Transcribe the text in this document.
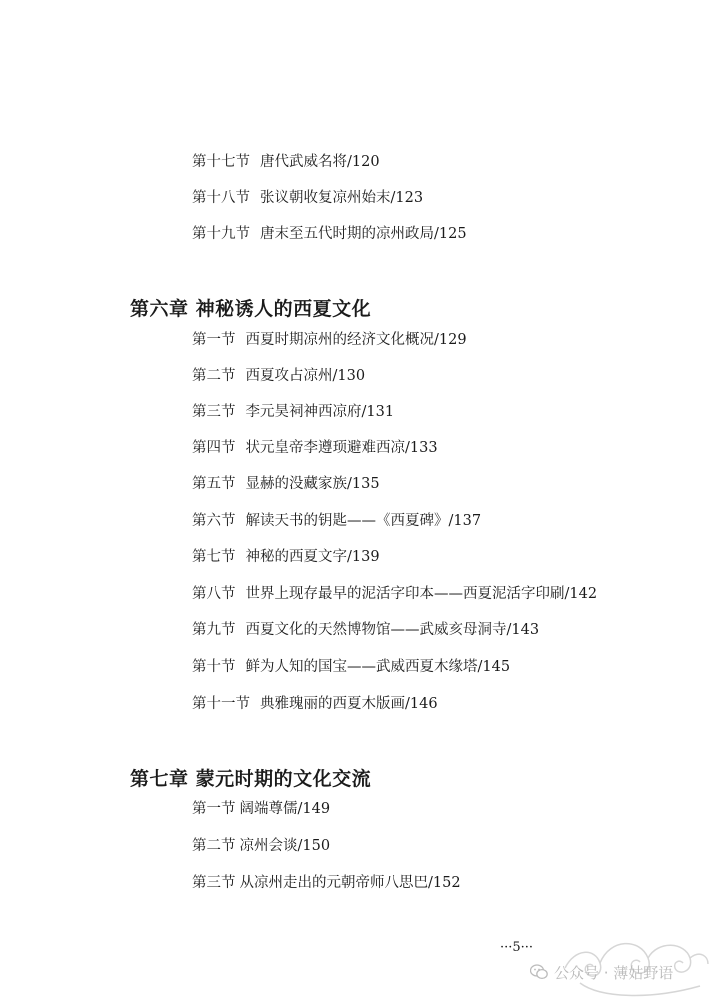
第十七节 唐代武威名将/120
第十八节 张议朝收复凉州始末/123
第十九节 唐末至五代时期的凉州政局/125
第六章 神秘诱人的西夏文化
第一节 西夏时期凉州的经济文化概况/129
第二节 西夏攻占凉州/130
第三节 李元昊祠神西凉府/131
第四节 状元皇帝李遵顼避难西凉/133
第五节 显赫的没藏家族/135
第六节 解读天书的钥匙——《西夏碑》/137
第七节 神秘的西夏文字/139
第八节 世界上现存最早的泥活字印本——西夏泥活字印刷/142
第九节 西夏文化的天然博物馆——武威亥母洞寺/143
第十节 鲜为人知的国宝——武威西夏木缘塔/145
第十一节 典雅瑰丽的西夏木版画/146
第七章 蒙元时期的文化交流
第一节 阔端尊儒/149
第二节 凉州会谈/150
第三节 从凉州走出的元朝帝师八思巴/152
···5···
公众号 · 薄姑野语
